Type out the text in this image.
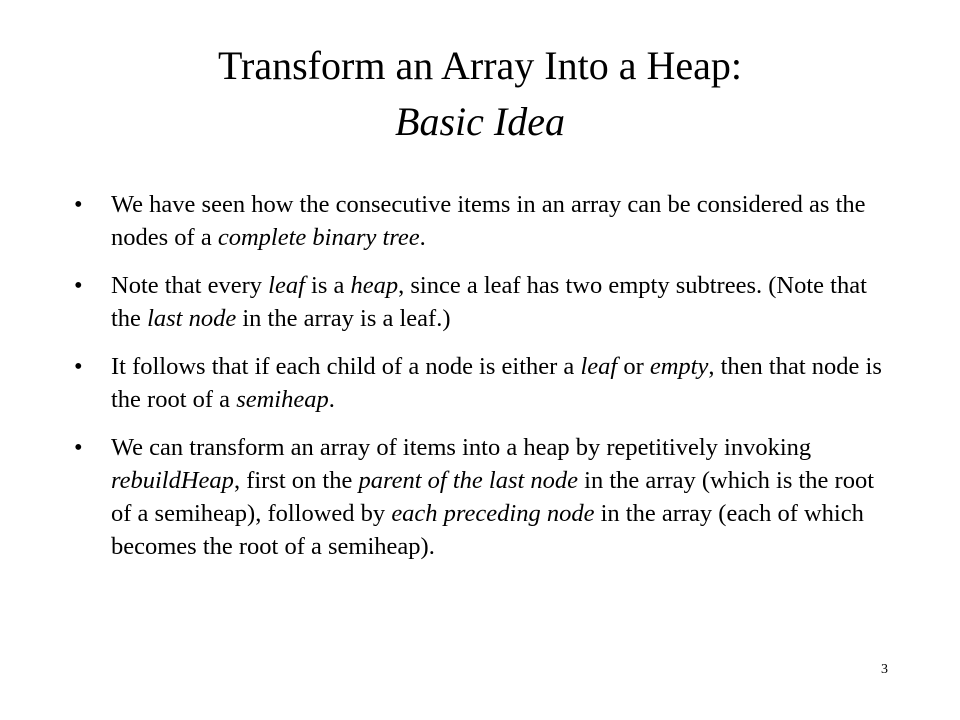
Transform an Array Into a Heap:
Basic Idea
• We have seen how the consecutive items in an array can be considered as the nodes of a complete binary tree.
• Note that every leaf is a heap, since a leaf has two empty subtrees. (Note that the last node in the array is a leaf.)
• It follows that if each child of a node is either a leaf or empty, then that node is the root of a semiheap.
• We can transform an array of items into a heap by repetitively invoking rebuildHeap, first on the parent of the last node in the array (which is the root of a semiheap), followed by each preceding node in the array (each of which becomes the root of a semiheap).
3
